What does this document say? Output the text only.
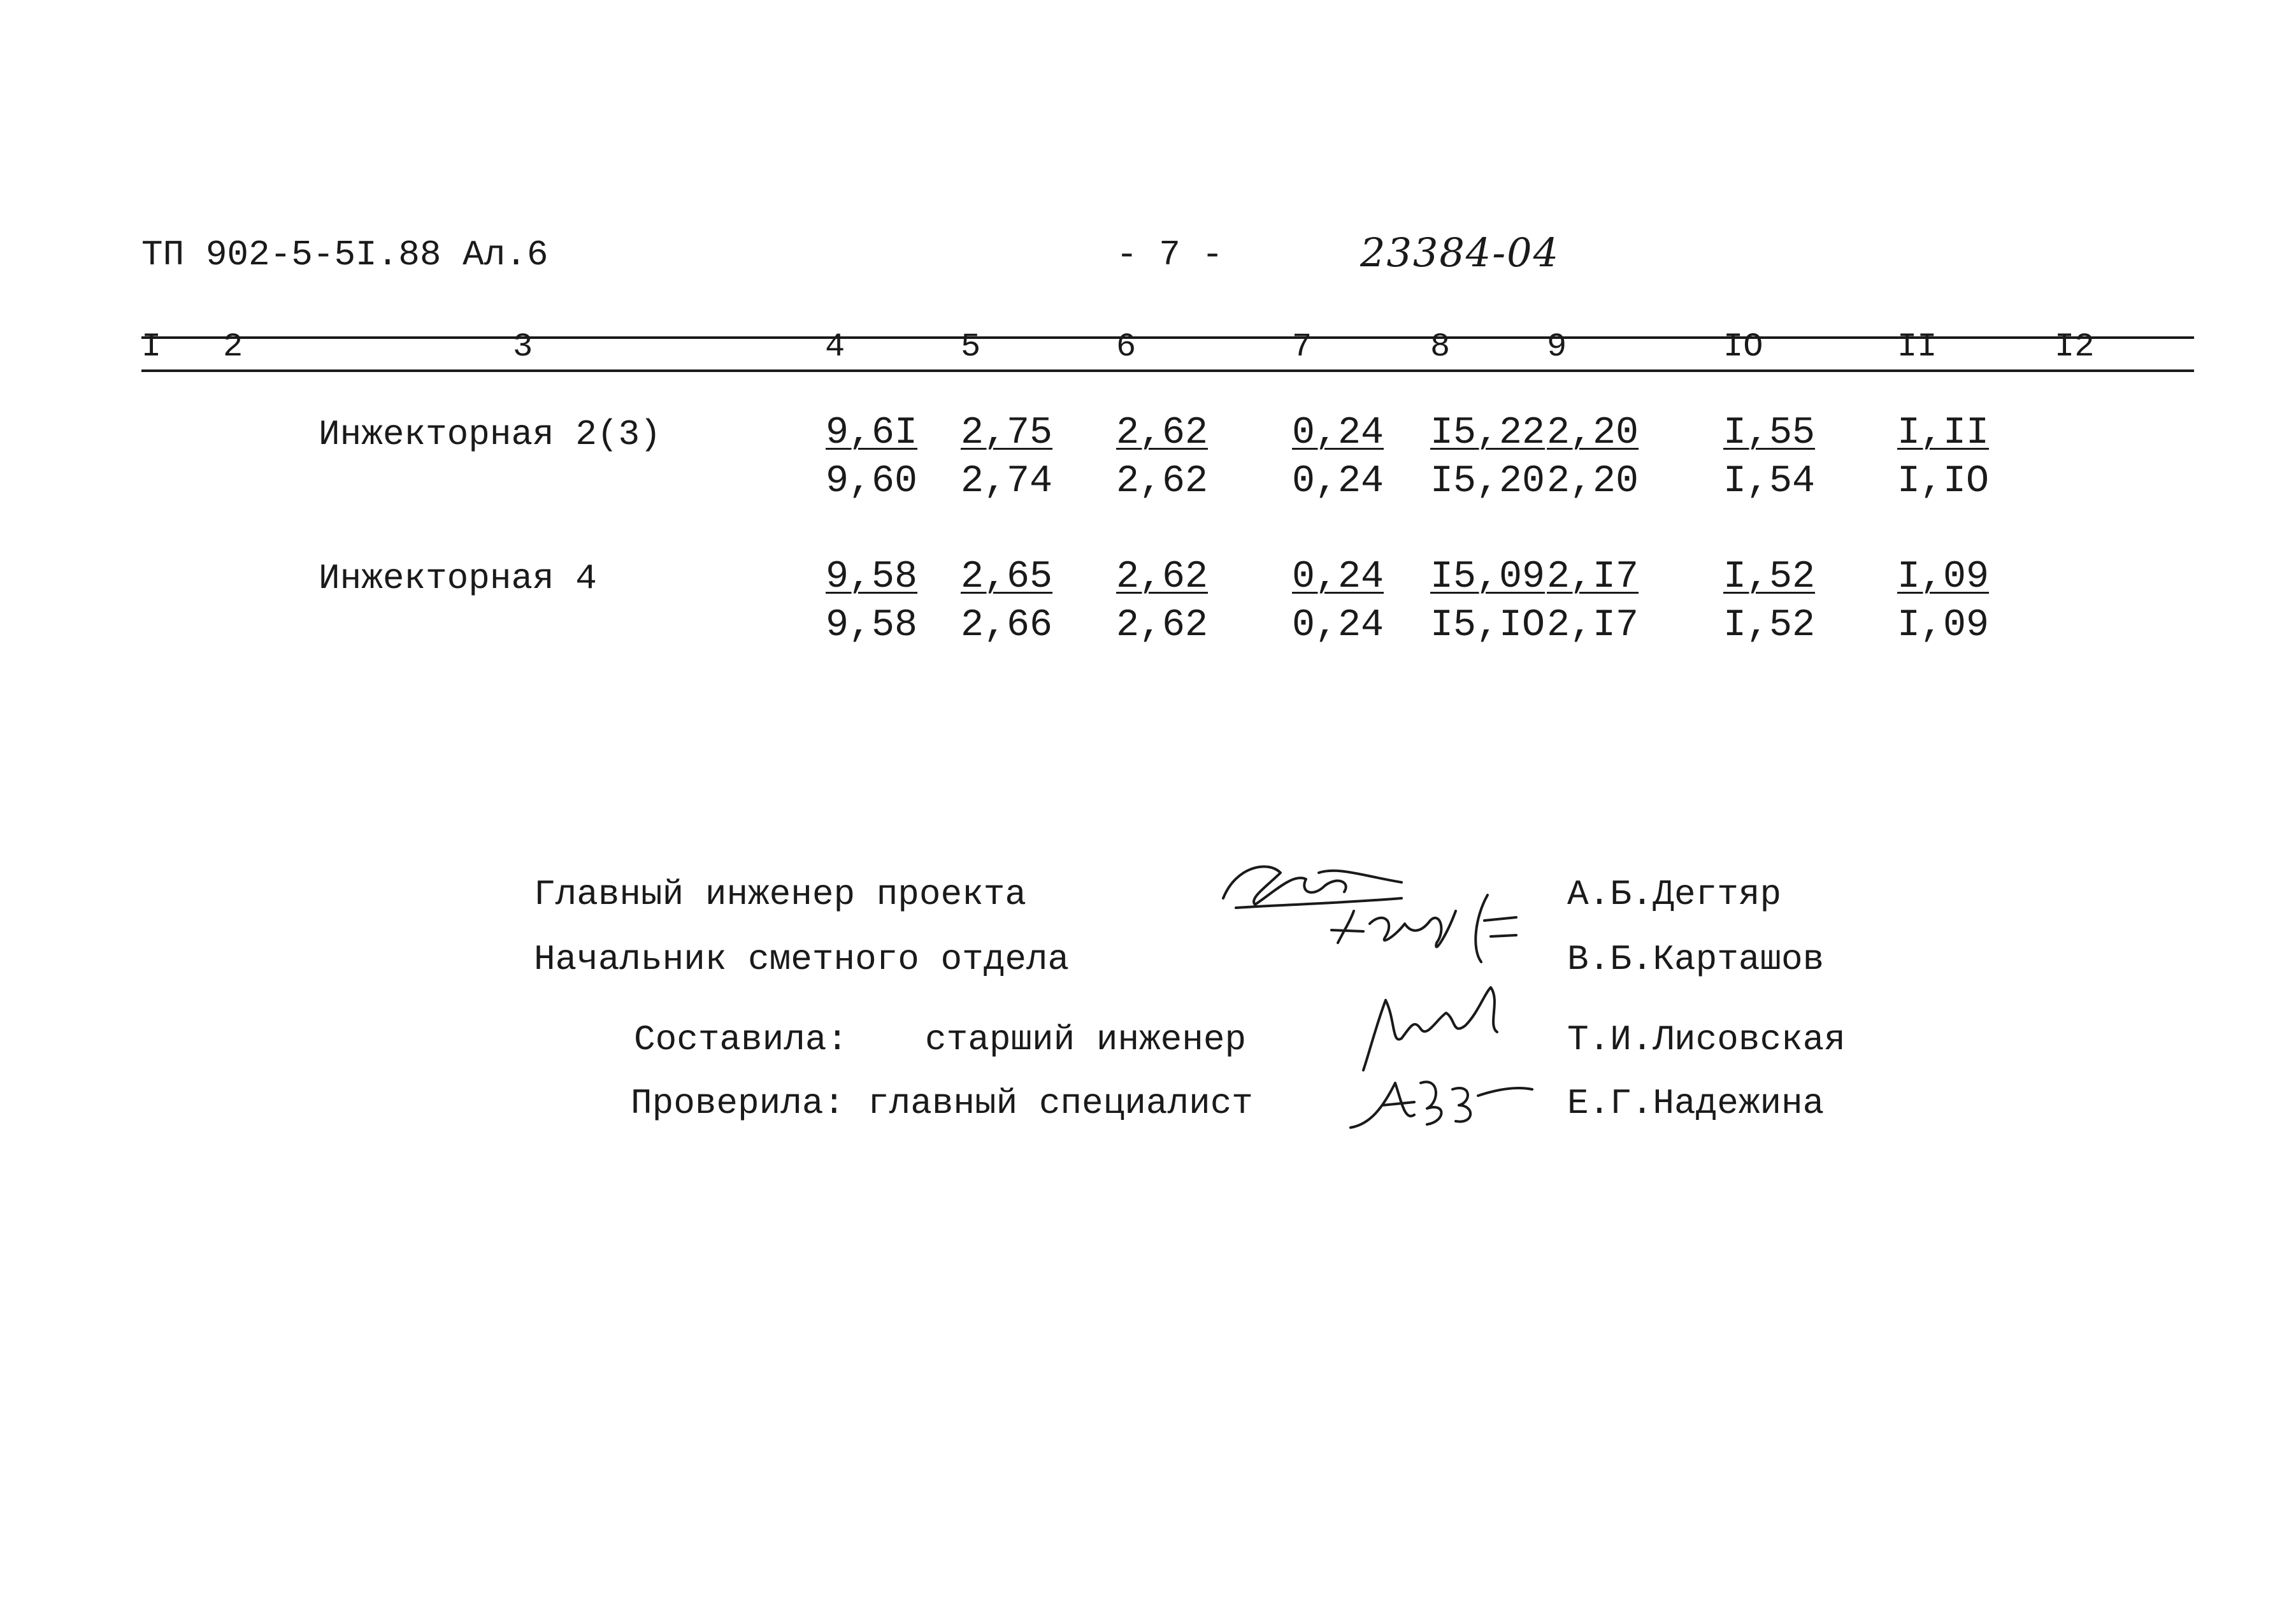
ТП 902-5-5I.88 Ал.6	- 7 -	23384-04
I 2	3	4	5	6	7	8	9	IO	II	I2
Инжекторная 2(3)	9,6I 2,75 2,62 0,24 I5,22 2,20 I,55 I,II
9,60 2,74 2,62 0,24 I5,20 2,20 I,54 I,IO
Инжекторная 4	9,58 2,65 2,62 0,24 I5,09 2,I7 I,52 I,09
9,58 2,66 2,62 0,24 I5,IO 2,I7 I,52 I,09
Главный инженер проекта	А.Б.Дегтяр
Начальник сметного отдела	В.Б.Карташов
Составила: старший инженер	Т.И.Лисовская
Проверила: главный специалист	Е.Г.Надежина
